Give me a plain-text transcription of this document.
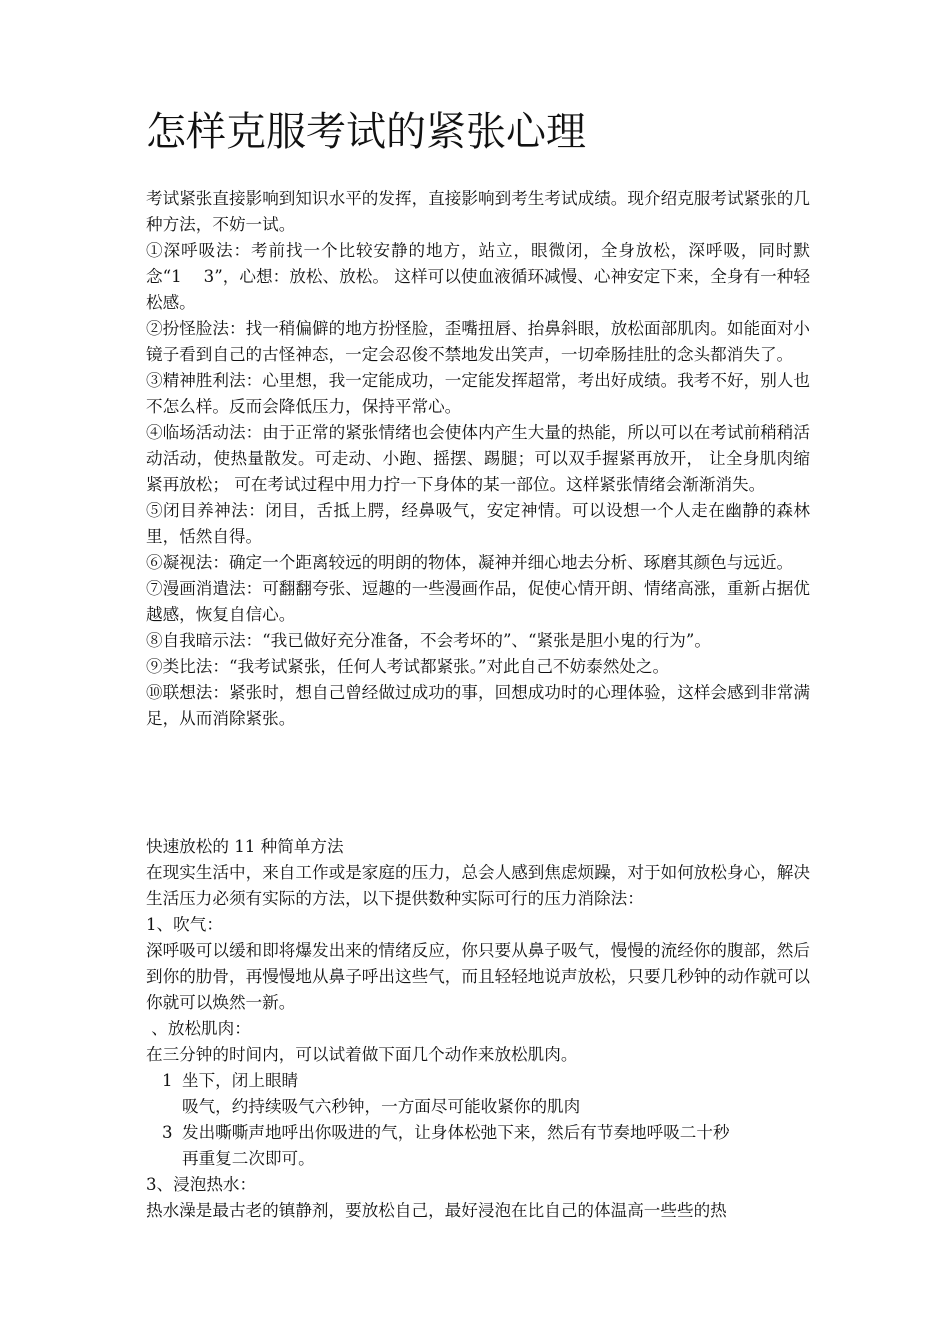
怎样克服考试的紧张心理

考试紧张直接影响到知识水平的发挥，直接影响到考生考试成绩。现介绍克服考试紧张的几种方法，不妨一试。

①深呼吸法：考前找一个比较安静的地方，站立，眼微闭，全身放松，深呼吸，同时默念“1　 3”，心想：放松、放松。 这样可以使血液循环减慢、心神安定下来，全身有一种轻松感。

②扮怪脸法：找一稍偏僻的地方扮怪脸，歪嘴扭唇、抬鼻斜眼，放松面部肌肉。如能面对小镜子看到自己的古怪神态，一定会忍俊不禁地发出笑声，一切牵肠挂肚的念头都消失了。

③精神胜利法：心里想，我一定能成功，一定能发挥超常，考出好成绩。我考不好，别人也不怎么样。反而会降低压力，保持平常心。

④临场活动法：由于正常的紧张情绪也会使体内产生大量的热能，所以可以在考试前稍稍活动活动，使热量散发。可走动、小跑、摇摆、踢腿；可以双手握紧再放开， 让全身肌肉缩紧再放松； 可在考试过程中用力拧一下身体的某一部位。这样紧张情绪会渐渐消失。

⑤闭目养神法：闭目，舌抵上腭，经鼻吸气，安定神情。可以设想一个人走在幽静的森林里，恬然自得。

⑥凝视法：确定一个距离较远的明朗的物体，凝神并细心地去分析、琢磨其颜色与远近。

⑦漫画消遣法：可翻翻夸张、逗趣的一些漫画作品，促使心情开朗、情绪高涨，重新占据优越感，恢复自信心。

⑧自我暗示法：“我已做好充分准备，不会考坏的”、“紧张是胆小鬼的行为”。

⑨类比法：“我考试紧张，任何人考试都紧张。”对此自己不妨泰然处之。

⑩联想法：紧张时，想自己曾经做过成功的事，回想成功时的心理体验，这样会感到非常满足，从而消除紧张。

快速放松的 11 种简单方法

在现实生活中，来自工作或是家庭的压力，总会人感到焦虑烦躁，对于如何放松身心，解决生活压力必须有实际的方法，以下提供数种实际可行的压力消除法：

1、吹气：

深呼吸可以缓和即将爆发出来的情绪反应，你只要从鼻子吸气，慢慢的流经你的腹部，然后到你的肋骨，再慢慢地从鼻子呼出这些气，而且轻轻地说声放松，只要几秒钟的动作就可以你就可以焕然一新。

、放松肌肉：

在三分钟的时间内，可以试着做下面几个动作来放松肌肉。

1 坐下，闭上眼睛

吸气，约持续吸气六秒钟，一方面尽可能收紧你的肌肉

3 发出嘶嘶声地呼出你吸进的气，让身体松弛下来，然后有节奏地呼吸二十秒

再重复二次即可。

3、浸泡热水：

热水澡是最古老的镇静剂，要放松自己，最好浸泡在比自己的体温高一些些的热
